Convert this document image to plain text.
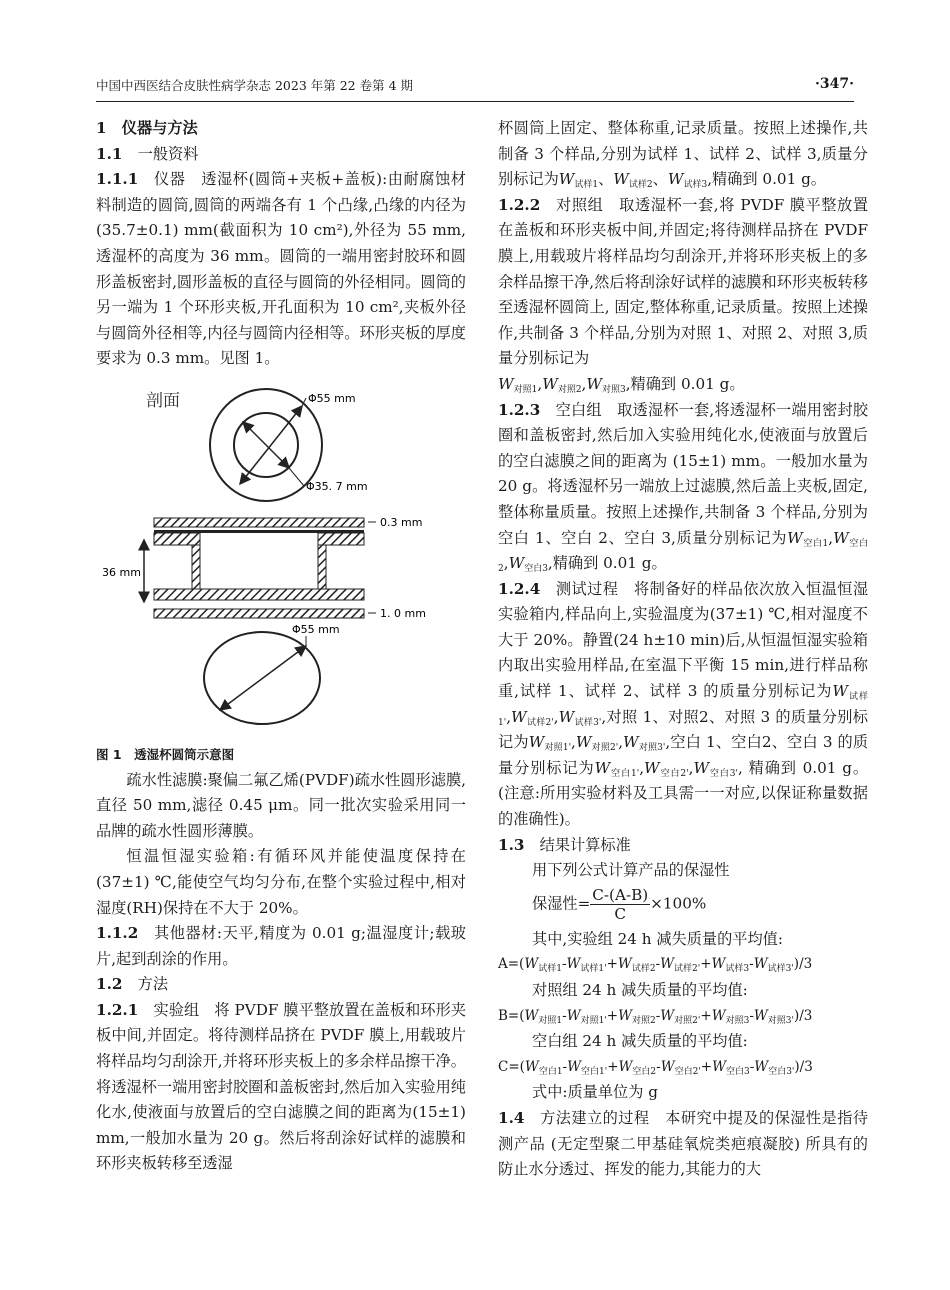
中国中西医结合皮肤性病学杂志 2023 年第 22 卷第 4 期	·347·

1 仪器与方法

1.1 一般资料

1.1.1 仪器 透湿杯(圆筒+夹板+盖板):由耐腐蚀材料制造的圆筒,圆筒的两端各有 1 个凸缘,凸缘的内径为(35.7±0.1) mm(截面积为 10 cm²),外径为 55 mm,透湿杯的高度为 36 mm。圆筒的一端用密封胶环和圆形盖板密封,圆形盖板的直径与圆筒的外径相同。圆筒的另一端为 1 个环形夹板,开孔面积为 10 cm²,夹板外径与圆筒外径相等,内径与圆筒内径相等。环形夹板的厚度要求为 0.3 mm。见图 1。

剖面	Φ55 mm
Φ35. 7 mm
0.3 mm
36 mm
1. 0 mm
Φ55 mm

图 1 透湿杯圆筒示意图

疏水性滤膜:聚偏二氟乙烯(PVDF)疏水性圆形滤膜,直径 50 mm,滤径 0.45 μm。同一批次实验采用同一品牌的疏水性圆形薄膜。

恒温恒湿实验箱:有循环风并能使温度保持在(37±1) ℃,能使空气均匀分布,在整个实验过程中,相对湿度(RH)保持在不大于 20%。

1.1.2 其他器材:天平,精度为 0.01 g;温湿度计;载玻片,起到刮涂的作用。

1.2 方法

1.2.1 实验组 将 PVDF 膜平整放置在盖板和环形夹板中间,并固定。将待测样品挤在 PVDF 膜上,用载玻片将样品均匀刮涂开,并将环形夹板上的多余样品擦干净。将透湿杯一端用密封胶圈和盖板密封,然后加入实验用纯化水,使液面与放置后的空白滤膜之间的距离为(15±1) mm,一般加水量为 20 g。然后将刮涂好试样的滤膜和环形夹板转移至透湿

杯圆筒上固定、整体称重,记录质量。按照上述操作,共制备 3 个样品,分别为试样 1、试样 2、试样 3,质量分别标记为$W_{试样1}$、$W_{试样2}$、$W_{试样3}$,精确到 0.01 g。

1.2.2 对照组 取透湿杯一套,将 PVDF 膜平整放置在盖板和环形夹板中间,并固定;将待测样品挤在 PVDF 膜上,用载玻片将样品均匀刮涂开,并将环形夹板上的多余样品擦干净,然后将刮涂好试样的滤膜和环形夹板转移至透湿杯圆筒上, 固定,整体称重,记录质量。按照上述操作,共制备 3 个样品,分别为对照 1、对照 2、对照 3,质量分别标记为
$W_{对照1},W_{对照2},W_{对照3}$,精确到 0.01 g。

1.2.3 空白组 取透湿杯一套,将透湿杯一端用密封胶圈和盖板密封,然后加入实验用纯化水,使液面与放置后的空白滤膜之间的距离为 (15±1) mm。一般加水量为 20 g。将透湿杯另一端放上过滤膜,然后盖上夹板,固定,整体称量质量。按照上述操作,共制备 3 个样品,分别为空白 1、空白 2、空白 3,质量分别标记为$W_{空白1},W_{空白2},W_{空白3}$,精确到 0.01 g。

1.2.4 测试过程 将制备好的样品依次放入恒温恒湿实验箱内,样品向上,实验温度为(37±1) ℃,相对湿度不大于 20%。静置(24 h±10 min)后,从恒温恒湿实验箱内取出实验用样品,在室温下平衡 15 min,进行样品称重,试样 1、试样 2、试样 3 的质量分别标记为$W_{试样1'},W_{试样2'},W_{试样3'}$,对照 1、对照2、对照 3 的质量分别标记为$W_{对照1'},W_{对照2'},W_{对照3'}$,空白 1、空白2、空白 3 的质量分别标记为$W_{空白1'},W_{空白2'},W_{空白3'}$, 精确到 0.01 g。(注意:所用实验材料及工具需一一对应,以保证称量数据的准确性)。

1.3 结果计算标准

用下列公式计算产品的保湿性

保湿性= $\frac{C-(A-B)}{C} \times 100\%$

其中,实验组 24 h 减失质量的平均值:

$A=(W_{试样1}-W_{试样1'}+W_{试样2}-W_{试样2'}+W_{试样3}-W_{试样3'})/3$

对照组 24 h 减失质量的平均值:

$B=(W_{对照1}-W_{对照1'}+W_{对照2}-W_{对照2'}+W_{对照3}-W_{对照3'})/3$

空白组 24 h 减失质量的平均值:

$C=(W_{空白1}-W_{空白1'}+W_{空白2}-W_{空白2'}+W_{空白3}-W_{空白3'})/3$

式中:质量单位为 g

1.4 方法建立的过程 本研究中提及的保湿性是指待测产品 (无定型聚二甲基硅氧烷类疤痕凝胶) 所具有的防止水分透过、挥发的能力,其能力的大
